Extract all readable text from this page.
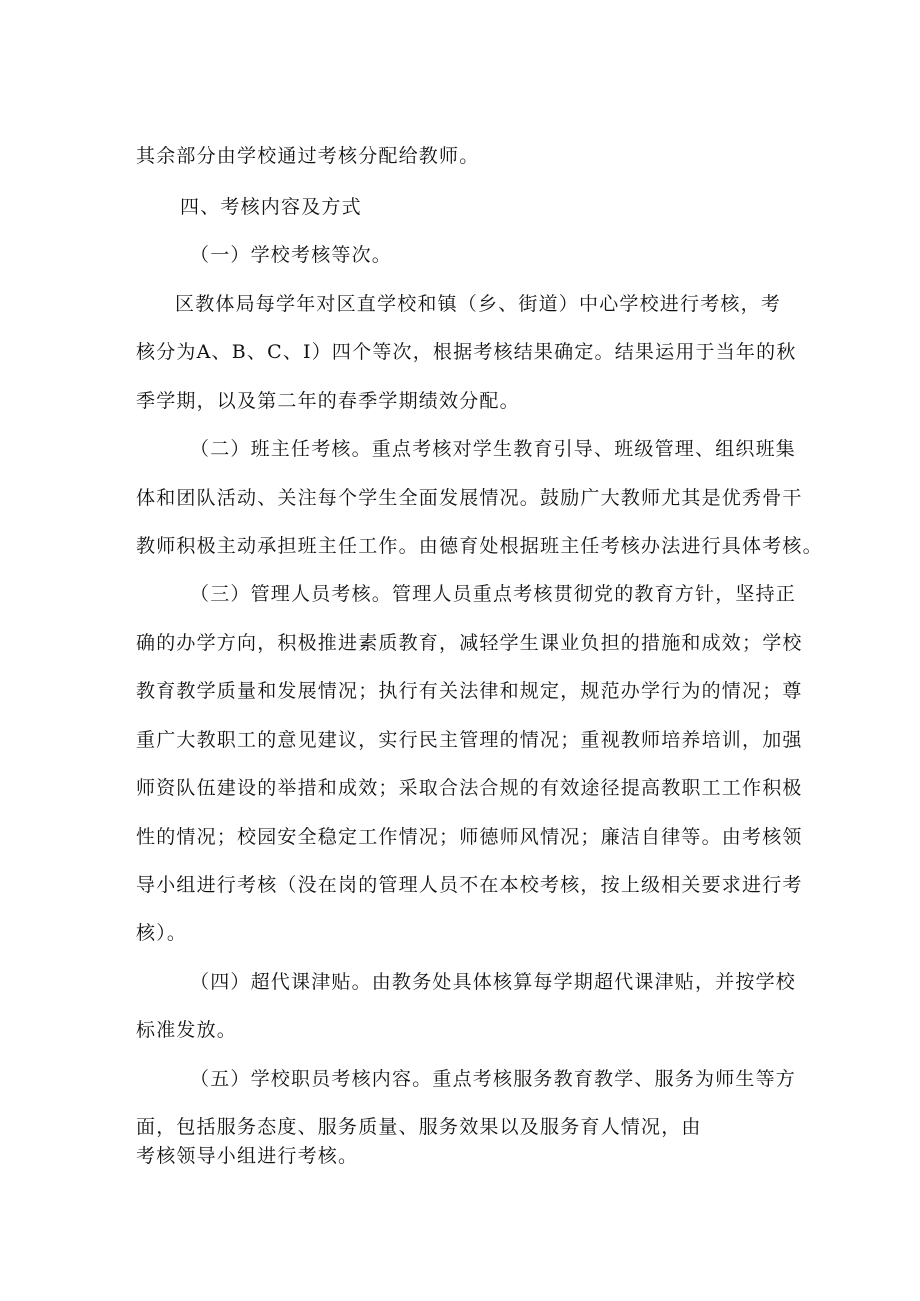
其余部分由学校通过考核分配给教师。
四、考核内容及方式
（一）学校考核等次。
区教体局每学年对区直学校和镇（乡、街道）中心学校进行考核，考
核分为A、B、C、I）四个等次，根据考核结果确定。结果运用于当年的秋
季学期，以及第二年的春季学期绩效分配。
（二）班主任考核。重点考核对学生教育引导、班级管理、组织班集
体和团队活动、关注每个学生全面发展情况。鼓励广大教师尤其是优秀骨干
教师积极主动承担班主任工作。由德育处根据班主任考核办法进行具体考核。
（三）管理人员考核。管理人员重点考核贯彻党的教育方针，坚持正
确的办学方向，积极推进素质教育，减轻学生课业负担的措施和成效；学校
教育教学质量和发展情况；执行有关法律和规定，规范办学行为的情况；尊
重广大教职工的意见建议，实行民主管理的情况；重视教师培养培训，加强
师资队伍建设的举措和成效；采取合法合规的有效途径提高教职工工作积极
性的情况；校园安全稳定工作情况；师德师风情况；廉洁自律等。由考核领
导小组进行考核（没在岗的管理人员不在本校考核，按上级相关要求进行考
核）。
（四）超代课津贴。由教务处具体核算每学期超代课津贴，并按学校
标准发放。
（五）学校职员考核内容。重点考核服务教育教学、服务为师生等方
面，包括服务态度、服务质量、服务效果以及服务育人情况，由
考核领导小组进行考核。
